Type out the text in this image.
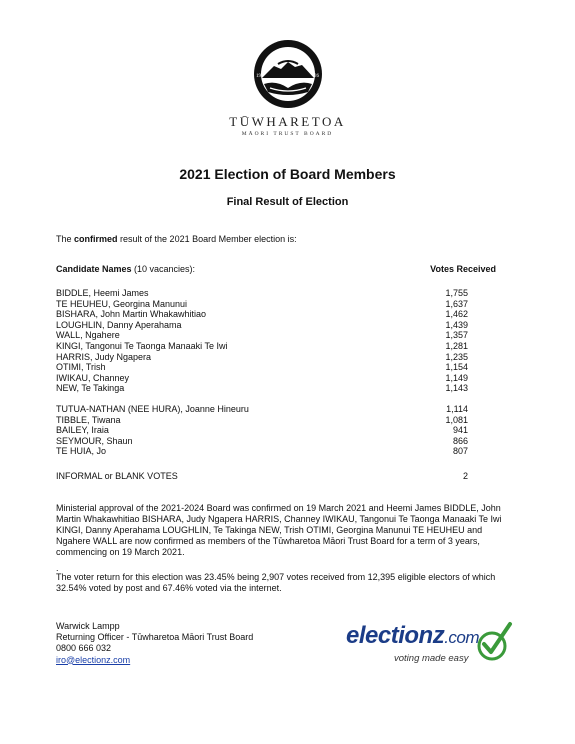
19	26
TŪWHARETOA
MĀORI TRUST BOARD
2021 Election of Board Members
Final Result of Election
The confirmed result of the 2021 Board Member election is:
Candidate Names (10 vacancies):	Votes Received
BIDDLE, Heemi James	1,755
TE HEUHEU, Georgina Manunui	1,637
BISHARA, John Martin Whakawhitiao	1,462
LOUGHLIN, Danny Aperahama	1,439
WALL, Ngahere	1,357
KINGI, Tangonui Te Taonga Manaaki Te Iwi	1,281
HARRIS, Judy Ngapera	1,235
OTIMI, Trish	1,154
IWIKAU, Channey	1,149
NEW, Te Takinga	1,143
TUTUA-NATHAN (NEE HURA), Joanne Hineuru	1,114
TIBBLE, Tiwana	1,081
BAILEY, Iraia	941
SEYMOUR, Shaun	866
TE HUIA, Jo	807
INFORMAL or BLANK VOTES	2

Ministerial approval of the 2021-2024 Board was confirmed on 19 March 2021 and Heemi James BIDDLE, John Martin Whakawhitiao BISHARA, Judy Ngapera HARRIS, Channey IWIKAU, Tangonui Te Taonga Manaaki Te Iwi KINGI, Danny Aperahama LOUGHLIN, Te Takinga NEW, Trish OTIMI, Georgina Manunui TE HEUHEU and Ngahere WALL are now confirmed as members of the Tūwharetoa Māori Trust Board for a term of 3 years, commencing on 19 March 2021.

.

The voter return for this election was 23.45% being 2,907 votes received from 12,395 eligible electors of which 32.54% voted by post and 67.46% voted via the internet.

Warwick Lampp
Returning Officer - Tūwharetoa Māori Trust Board
0800 666 032
iro@electionz.com
electionz.com
voting made easy
